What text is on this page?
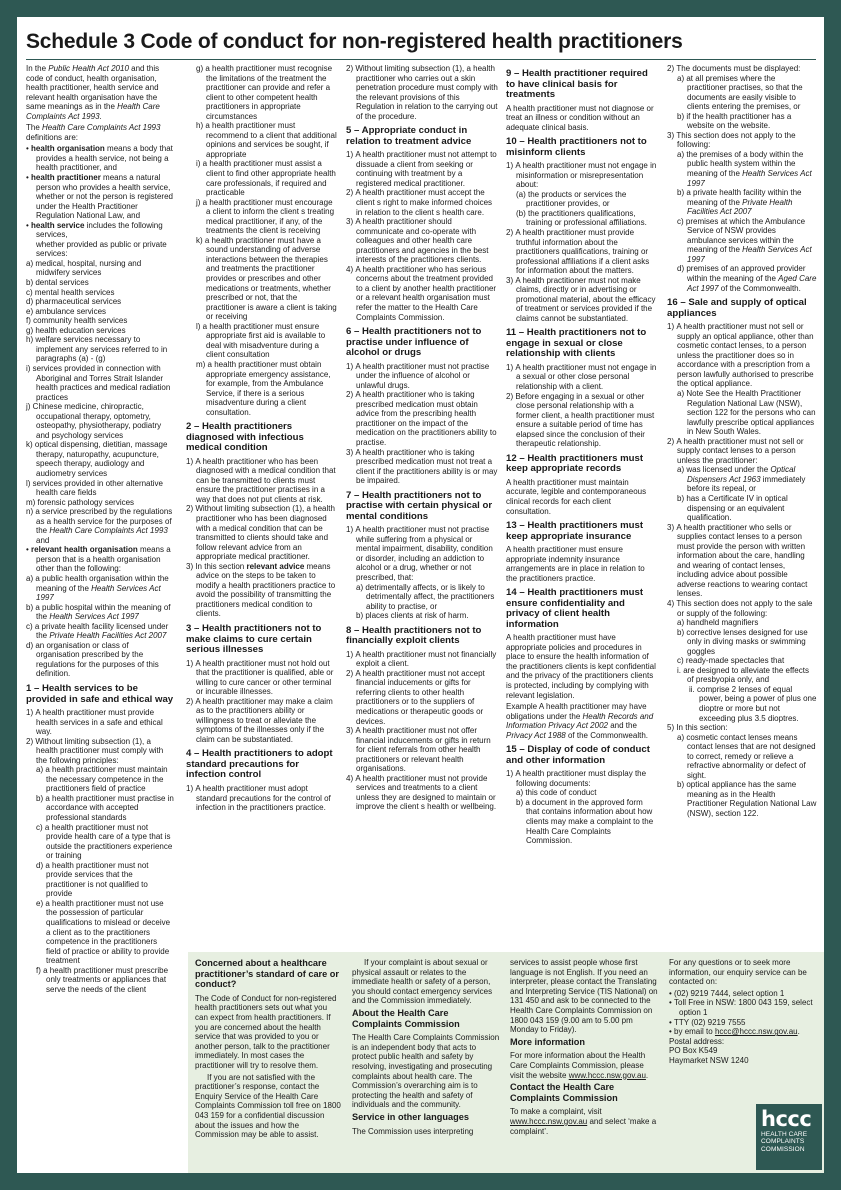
Schedule 3 Code of conduct for non-registered health practitioners
In the Public Health Act 2010 and this code of conduct, health organisation, health practitioner, health service and relevant health organisation have the same meanings as in the Health Care Complaints Act 1993.
The Health Care Complaints Act 1993 definitions are:
• health organisation means a body that provides a health service, not being a health practitioner, and
• health practitioner means a natural person who provides a health service, whether or not the person is registered under the Health Practitioner Regulation National Law, and
• health service includes the following services,
whether provided as public or private services:
a) medical, hospital, nursing and midwifery services
b) dental services
c) mental health services
d) pharmaceutical services
e) ambulance services
f) community health services
g) health education services
h) welfare services necessary to implement any services referred to in paragraphs (a) - (g)
i) services provided in connection with Aboriginal and Torres Strait Islander health practices and medical radiation practices
j) Chinese medicine, chiropractic, occupational therapy, optometry, osteopathy, physiotherapy, podiatry and psychology services
k) optical dispensing, dietitian, massage therapy, naturopathy, acupuncture, speech therapy, audiology and audiometry services
l) services provided in other alternative health care fields
m) forensic pathology services
n) a service prescribed by the regulations as a health service for the purposes of the Health Care Complaints Act 1993 and
• relevant health organisation means a person that is a health organisation other than the following:
a) a public health organisation within the meaning of the Health Services Act 1997
b) a public hospital within the meaning of the Health Services Act 1997
c) a private health facility licensed under the Private Health Facilities Act 2007
d) an organisation or class of organisation prescribed by the regulations for the purposes of this definition.
1 – Health services to be provided in safe and ethical way
1) A health practitioner must provide health services in a safe and ethical way.
2) Without limiting subsection (1), a health practitioner must comply with the following principles:
a) a health practitioner must maintain the necessary competence in the practitioners field of practice
b) a health practitioner must practise in accordance with accepted professional standards
c) a health practitioner must not provide health care of a type that is outside the practitioners experience or training
d) a health practitioner must not provide services that the practitioner is not qualified to provide
e) a health practitioner must not use the possession of particular qualifications to mislead or deceive a client as to the practitioners competence in the practitioners field of practice or ability to provide treatment
f) a health practitioner must prescribe only treatments or appliances that serve the needs of the client
g) a health practitioner must recognise the limitations of the treatment the practitioner can provide and refer a client to other competent health practitioners in appropriate circumstances
h) a health practitioner must recommend to a client that additional opinions and services be sought, if appropriate
i) a health practitioner must assist a client to find other appropriate health care professionals, if required and practicable
j) a health practitioner must encourage a client to inform the client s treating medical practitioner, if any, of the treatments the client is receiving
k) a health practitioner must have a sound understanding of adverse interactions between the therapies and treatments the practitioner provides or prescribes and other medications or treatments, whether prescribed or not, that the practitioner is aware a client is taking or receiving
l) a health practitioner must ensure appropriate first aid is available to deal with misadventure during a client consultation
m) a health practitioner must obtain appropriate emergency assistance, for example, from the Ambulance Service, if there is a serious misadventure during a client consultation.
2 – Health practitioners diagnosed with infectious medical condition
1) A health practitioner who has been diagnosed with a medical condition that can be transmitted to clients must ensure the practitioner practises in a way that does not put clients at risk.
2) Without limiting subsection (1), a health practitioner who has been diagnosed with a medical condition that can be transmitted to clients should take and follow relevant advice from an appropriate medical practitioner.
3) In this section relevant advice means advice on the steps to be taken to modify a health practitioners practice to avoid the possibility of transmitting the practitioners medical condition to clients.
3 – Health practitioners not to make claims to cure certain serious illnesses
1) A health practitioner must not hold out that the practitioner is qualified, able or willing to cure cancer or other terminal or incurable illnesses.
2) A health practitioner may make a claim as to the practitioners ability or willingness to treat or alleviate the symptoms of the illnesses only if the claim can be substantiated.
4 – Health practitioners to adopt standard precautions for infection control
1) A health practitioner must adopt standard precautions for the control of infection in the practitioners practice.
2) Without limiting subsection (1), a health practitioner who carries out a skin penetration procedure must comply with the relevant provisions of this Regulation in relation to the carrying out of the procedure.
5 – Appropriate conduct in relation to treatment advice
1) A health practitioner must not attempt to dissuade a client from seeking or continuing with treatment by a registered medical practitioner.
2) A health practitioner must accept the client s right to make informed choices in relation to the client s health care.
3) A health practitioner should communicate and co-operate with colleagues and other health care practitioners and agencies in the best interests of the practitioners clients.
4) A health practitioner who has serious concerns about the treatment provided to a client by another health practitioner or a relevant health organisation must refer the matter to the Health Care Complaints Commission.
6 – Health practitioners not to practise under influence of alcohol or drugs
1) A health practitioner must not practise under the influence of alcohol or unlawful drugs.
2) A health practitioner who is taking prescribed medication must obtain advice from the prescribing health practitioner on the impact of the medication on the practitioners ability to practise.
3) A health practitioner who is taking prescribed medication must not treat a client if the practitioners ability is or may be impaired.
7 – Health practitioners not to practise with certain physical or mental conditions
1) A health practitioner must not practise while suffering from a physical or mental impairment, disability, condition or disorder, including an addiction to alcohol or a drug, whether or not prescribed, that:
a) detrimentally affects, or is likely to detrimentally affect, the practitioners ability to practise, or
b) places clients at risk of harm.
8 – Health practitioners not to financially exploit clients
1) A health practitioner must not financially exploit a client.
2) A health practitioner must not accept financial inducements or gifts for referring clients to other health practitioners or to the suppliers of medications or therapeutic goods or devices.
3) A health practitioner must not offer financial inducements or gifts in return for client referrals from other health practitioners or relevant health organisations.
4) A health practitioner must not provide services and treatments to a client unless they are designed to maintain or improve the client s health or wellbeing.
9 – Health practitioner required to have clinical basis for treatments
A health practitioner must not diagnose or treat an illness or condition without an adequate clinical basis.
10 – Health practitioners not to misinform clients
1) A health practitioner must not engage in misinformation or misrepresentation about:
(a) the products or services the practitioner provides, or
(b) the practitioners qualifications, training or professional affiliations.
2) A health practitioner must provide truthful information about the practitioners qualifications, training or professional affiliations if a client asks for information about the matters.
3) A health practitioner must not make claims, directly or in advertising or promotional material, about the efficacy of treatment or services provided if the claims cannot be substantiated.
11 – Health practitioners not to engage in sexual or close relationship with clients
1) A health practitioner must not engage in a sexual or other close personal relationship with a client.
2) Before engaging in a sexual or other close personal relationship with a former client, a health practitioner must ensure a suitable period of time has elapsed since the conclusion of their therapeutic relationship.
12 – Health practitioners must keep appropriate records
A health practitioner must maintain accurate, legible and contemporaneous clinical records for each client consultation.
13 – Health practitioners must keep appropriate insurance
A health practitioner must ensure appropriate indemnity insurance arrangements are in place in relation to the practitioners practice.
14 – Health practitioners must ensure confidentiality and privacy of client health information
A health practitioner must have appropriate policies and procedures in place to ensure the health information of the practitioners clients is kept confidential and the privacy of the practitioners clients is protected, including by complying with relevant legislation.
Example A health practitioner may have obligations under the Health Records and Information Privacy Act 2002 and the Privacy Act 1988 of the Commonwealth.
15 – Display of code of conduct and other information
1) A health practitioner must display the following documents:
a) this code of conduct
b) a document in the approved form that contains information about how clients may make a complaint to the Health Care Complaints Commission.
2) The documents must be displayed:
a) at all premises where the practitioner practises, so that the documents are easily visible to clients entering the premises, or
b) if the health practitioner has a website on the website.
3) This section does not apply to the following:
a) the premises of a body within the public health system within the meaning of the Health Services Act 1997
b) a private health facility within the meaning of the Private Health Facilities Act 2007
c) premises at which the Ambulance Service of NSW provides ambulance services within the meaning of the Health Services Act 1997
d) premises of an approved provider within the meaning of the Aged Care Act 1997 of the Commonwealth.
16 – Sale and supply of optical appliances
1) A health practitioner must not sell or supply an optical appliance, other than cosmetic contact lenses, to a person unless the practitioner does so in accordance with a prescription from a person lawfully authorised to prescribe the optical appliance.
a) Note See the Health Practitioner Regulation National Law (NSW), section 122 for the persons who can lawfully prescribe optical appliances in New South Wales.
2) A health practitioner must not sell or supply contact lenses to a person unless the practitioner:
a) was licensed under the Optical Dispensers Act 1963 immediately before its repeal, or
b) has a Certificate IV in optical dispensing or an equivalent qualification.
3) A health practitioner who sells or supplies contact lenses to a person must provide the person with written information about the care, handling and wearing of contact lenses, including advice about possible adverse reactions to wearing contact lenses.
4) This section does not apply to the sale or supply of the following:
a) handheld magnifiers
b) corrective lenses designed for use only in diving masks or swimming goggles
c) ready-made spectacles that
i. are designed to alleviate the effects of presbyopia only, and
ii. comprise 2 lenses of equal power, being a power of plus one dioptre or more but not exceeding plus 3.5 dioptres.
5) In this section:
a) cosmetic contact lenses means contact lenses that are not designed to correct, remedy or relieve a refractive abnormality or defect of sight.
b) optical appliance has the same meaning as in the Health Practitioner Regulation National Law (NSW), section 122.
Concerned about a healthcare practitioner’s standard of care or conduct?
The Code of Conduct for non-registered health practitioners sets out what you can expect from health practitioners. If you are concerned about the health service that was provided to you or another person, talk to the practitioner immediately. In most cases the practitioner will try to resolve them.
If you are not satisfied with the practitioner’s response, contact the Enquiry Service of the Health Care Complaints Commission toll free on 1800 043 159 for a confidential discussion about the issues and how the Commission may be able to assist.
If your complaint is about sexual or physical assault or relates to the immediate health or safety of a person, you should contact emergency services and the Commission immediately.
About the Health Care Complaints Commission
The Health Care Complaints Commission is an independent body that acts to protect public health and safety by resolving, investigating and prosecuting complaints about health care. The Commission’s overarching aim is to protecting the health and safety of individuals and the community.
Service in other languages
The Commission uses interpreting
services to assist people whose first language is not English. If you need an interpreter, please contact the Translating and Interpreting Service (TIS National) on 131 450 and ask to be connected to the Health Care Complaints Commission on 1800 043 159 (9.00 am to 5.00 pm Monday to Friday).
More information
For more information about the Health Care Complaints Commission, please visit the website www.hccc.nsw.gov.au.
Contact the Health Care Complaints Commission
To make a complaint, visit www.hccc.nsw.gov.au and select ‘make a complaint’.
For any questions or to seek more information, our enquiry service can be contacted on:
• (02) 9219 7444, select option 1
• Toll Free in NSW: 1800 043 159, select option 1
• TTY (02) 9219 7555
• by email to hccc@hccc.nsw.gov.au.
Postal address:
PO Box K549
Haymarket NSW 1240
hccc
HEALTH CARE
COMPLAINTS
COMMISSION
